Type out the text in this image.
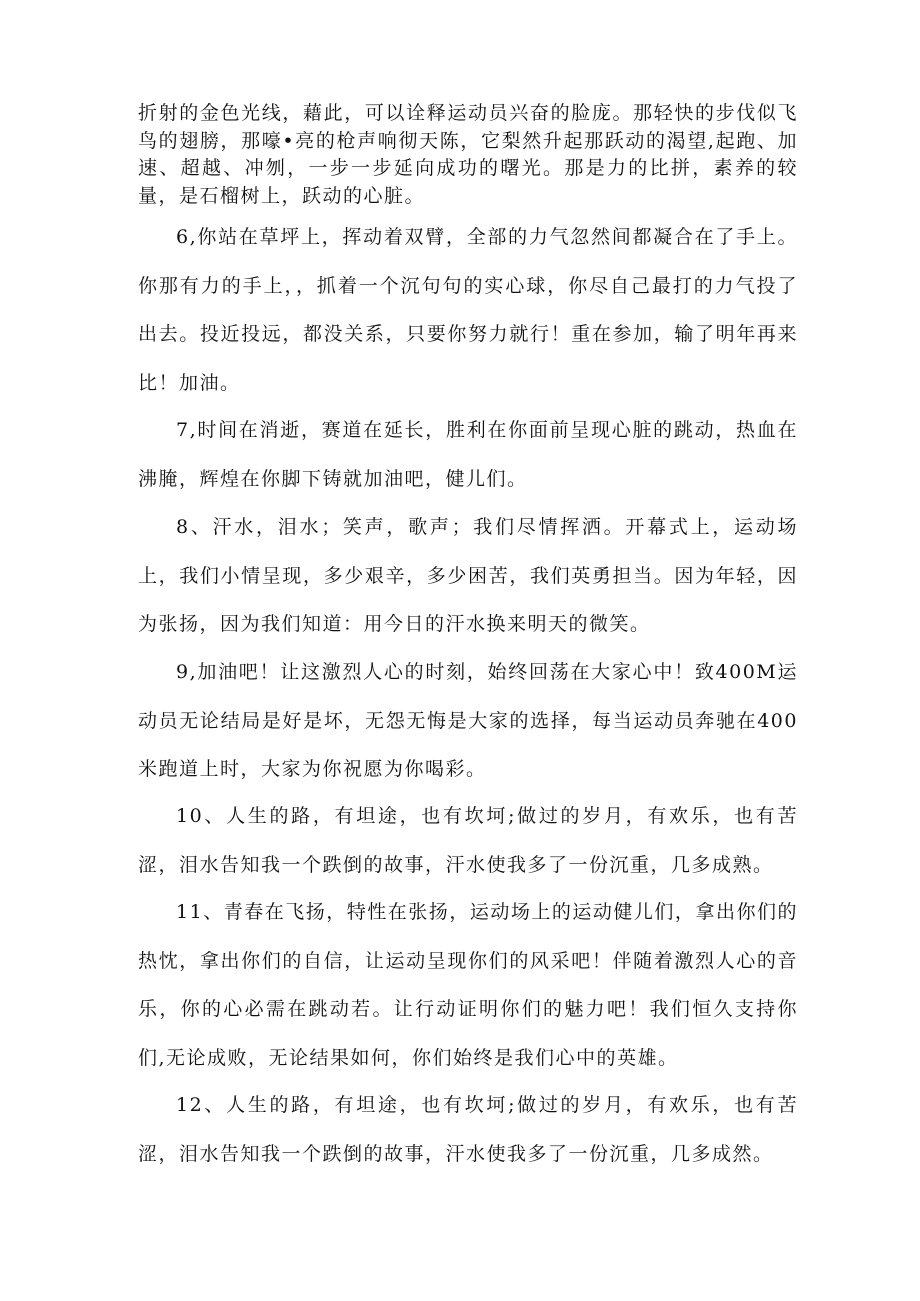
折射的金色光线，藉此，可以诠释运动员兴奋的脸庞。那轻快的步伐似飞鸟的翅膀，那嚎•亮的枪声响彻天陈，它梨然升起那跃动的渴望,起跑、加速、超越、冲刎，一步一步延向成功的曙光。那是力的比拼，素养的较量，是石榴树上，跃动的心脏。

6,你站在草坪上，挥动着双臂，全部的力气忽然间都凝合在了手上。你那有力的手上，，抓着一个沉句句的实心球，你尽自己最打的力气投了出去。投近投远，都没关系，只要你努力就行！重在参加，输了明年再来比！加油。

7,时间在消逝，赛道在延长，胜利在你面前呈现心脏的跳动，热血在沸腌，辉煌在你脚下铸就加油吧，健儿们。

8、汗水，泪水；笑声，歌声；我们尽情挥洒。开幕式上，运动场上，我们小情呈现，多少艰辛，多少困苦，我们英勇担当。因为年轻，因为张扬，因为我们知道：用今日的汗水换来明天的微笑。

9,加油吧！让这激烈人心的时刻，始终回荡在大家心中！致400M运动员无论结局是好是坏，无怨无悔是大家的选择，每当运动员奔驰在400米跑道上时，大家为你祝愿为你喝彩。

10、人生的路，有坦途，也有坎坷;做过的岁月，有欢乐，也有苦涩，泪水告知我一个跌倒的故事，汗水使我多了一份沉重，几多成熟。

11、青春在飞扬，特性在张扬，运动场上的运动健儿们，拿出你们的热忱，拿出你们的自信，让运动呈现你们的风采吧！伴随着激烈人心的音乐，你的心必需在跳动若。让行动证明你们的魅力吧！我们恒久支持你们,无论成败，无论结果如何，你们始终是我们心中的英雄。

12、人生的路，有坦途，也有坎坷;做过的岁月，有欢乐，也有苦涩，泪水告知我一个跌倒的故事，汗水使我多了一份沉重，几多成然。
